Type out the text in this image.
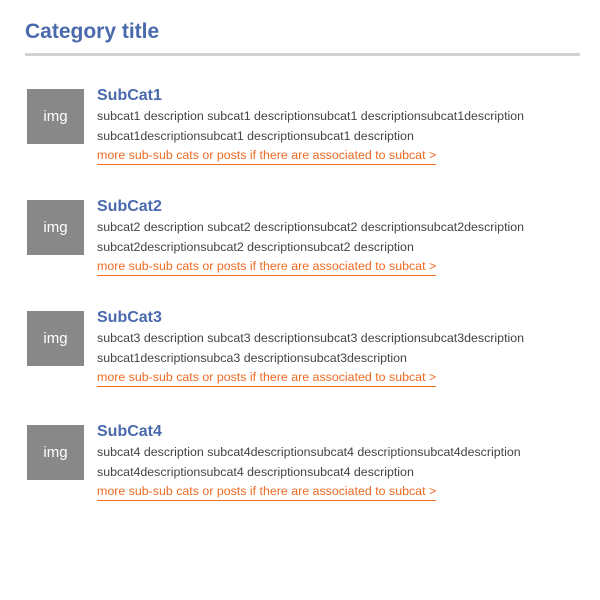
Category title
img
SubCat1

subcat1 description subcat1 descriptionsubcat1 descriptionsubcat1description
subcat1descriptionsubcat1 descriptionsubcat1 description

more sub-sub cats or posts if there are associated to subcat >
img
SubCat2

subcat2 description subcat2 descriptionsubcat2 descriptionsubcat2description
subcat2descriptionsubcat2 descriptionsubcat2 description

more sub-sub cats or posts if there are associated to subcat >
img
SubCat3

subcat3 description subcat3 descriptionsubcat3 descriptionsubcat3description
subcat1descriptionsubca3 descriptionsubcat3description

more sub-sub cats or posts if there are associated to subcat >
img
SubCat4

subcat4 description subcat4descriptionsubcat4 descriptionsubcat4description
subcat4descriptionsubcat4 descriptionsubcat4 description

more sub-sub cats or posts if there are associated to subcat >
